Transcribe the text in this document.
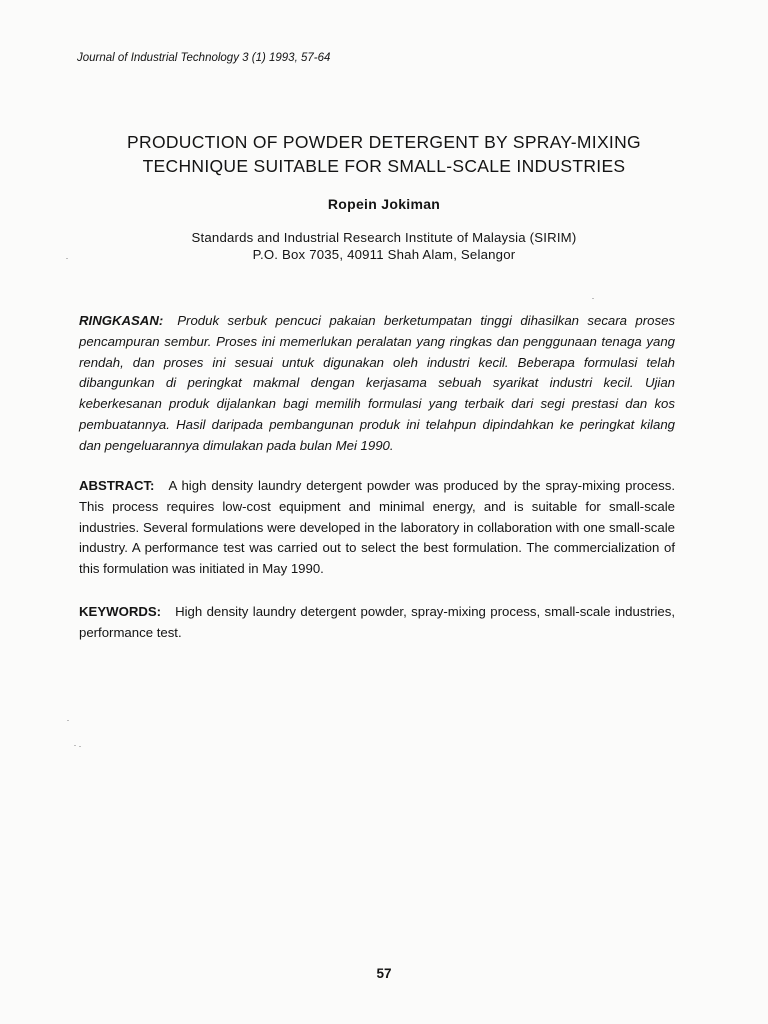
Journal of Industrial Technology 3 (1) 1993, 57-64
PRODUCTION OF POWDER DETERGENT BY SPRAY-MIXING
TECHNIQUE SUITABLE FOR SMALL-SCALE INDUSTRIES
Ropein Jokiman
Standards and Industrial Research Institute of Malaysia (SIRIM)
P.O. Box 7035, 40911 Shah Alam, Selangor
RINGKASAN: Produk serbuk pencuci pakaian berketumpatan tinggi dihasilkan secara proses pencampuran sembur. Proses ini memerlukan peralatan yang ringkas dan penggunaan tenaga yang rendah, dan proses ini sesuai untuk digunakan oleh industri kecil. Beberapa formulasi telah dibangunkan di peringkat makmal dengan kerjasama sebuah syarikat industri kecil. Ujian keberkesanan produk dijalankan bagi memilih formulasi yang terbaik dari segi prestasi dan kos pembuatannya. Hasil daripada pembangunan produk ini telahpun dipindahkan ke peringkat kilang dan pengeluarannya dimulakan pada bulan Mei 1990.
ABSTRACT: A high density laundry detergent powder was produced by the spray-mixing process. This process requires low-cost equipment and minimal energy, and is suitable for small-scale industries. Several formulations were developed in the laboratory in collaboration with one small-scale industry. A performance test was carried out to select the best formulation. The commercialization of this formulation was initiated in May 1990.
KEYWORDS: High density laundry detergent powder, spray-mixing process, small-scale industries, performance test.
57
